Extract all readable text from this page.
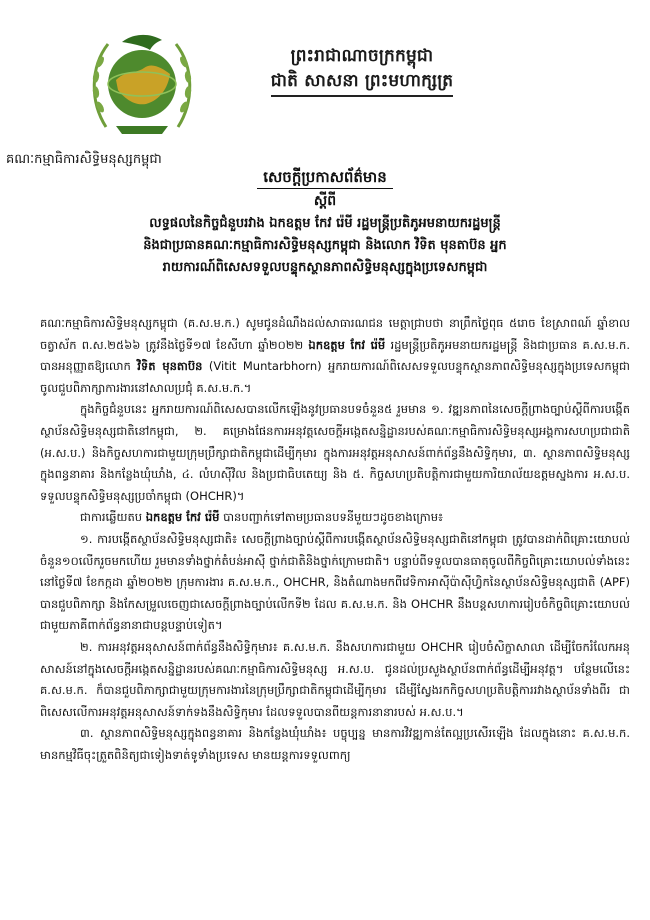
ព្រះរាជាណាចក្រកម្ពុជា
ជាតិ សាសនា ព្រះមហាក្សត្រ
គណៈកម្មាធិការសិទ្ធិមនុស្សកម្ពុជា
សេចក្តីប្រកាសព័ត៌មាន
ស្តីពី
លទ្ធផលនៃកិច្ចជំនួបរវាង ឯកឧត្តម កែវ រ៉េមី រដ្ឋមន្ត្រីប្រតិភូអមនាយករដ្ឋមន្ត្រី
និងជាប្រធានគណៈកម្មាធិការសិទ្ធិមនុស្សកម្ពុជា និងលោក វិទិត មុនតាប៊ន អ្នក
រាយការណ៍ពិសេសទទួលបន្ទុកស្ថានភាពសិទ្ធិមនុស្សក្នុងប្រទេសកម្ពុជា

គណៈកម្មាធិការសិទ្ធិមនុស្សកម្ពុជា (គ.ស.ម.ក.) សូមជូនដំណឹងដល់សាធារណជន មេត្តាជ្រាបថា នាព្រឹកថ្ងៃពុធ ៥រោច ខែស្រាពណ៍ ឆ្នាំខាល ចត្វាស័ក ព.ស.២៥៦៦ ត្រូវនឹងថ្ងៃទី១៧ ខែសីហា ឆ្នាំ២០២២ ឯកឧត្តម កែវ រ៉េមី រដ្ឋមន្ត្រីប្រតិភូអមនាយករដ្ឋមន្ត្រី និងជាប្រធាន គ.ស.ម.ក. បានអនុញ្ញាតឱ្យលោក វិទិត មុនតាប៊ន (Vitit Muntarbhorn) អ្នករាយការណ៍ពិសេសទទួលបន្ទុកស្ថានភាពសិទ្ធិមនុស្សក្នុងប្រទេសកម្ពុជា ចូលជួបពិភាក្សាការងារនៅសាលប្រជុំ គ.ស.ម.ក.។

ក្នុងកិច្ចជំនួបនេះ អ្នករាយការណ៍ពិសេសបានលើកឡើងនូវប្រធានបទចំនួន៥ រួមមាន ១. វឌ្ឍនភាពនៃសេចក្តីព្រាងច្បាប់ស្តីពីការបង្កើតស្ថាប័នសិទ្ធិមនុស្សជាតិនៅកម្ពុជា, ២. គម្រោងផែនការអនុវត្តសេចក្តីអង្កេតសន្និដ្ឋានរបស់គណៈកម្មាធិការសិទ្ធិមនុស្សអង្គការសហប្រជាជាតិ (អ.ស.ប.) និងកិច្ចសហការជាមួយក្រុមប្រឹក្សាជាតិកម្ពុជាដើម្បីកុមារ ក្នុងការអនុវត្តអនុសាសន៍ពាក់ព័ន្ធនឹងសិទ្ធិកុមារ, ៣. ស្ថានភាពសិទ្ធិមនុស្សក្នុងពន្ធនាគារ និងកន្លែងឃុំឃាំង, ៤. លំហស៊ីវិល និងប្រជាធិបតេយ្យ និង ៥. កិច្ចសហប្រតិបត្តិការជាមួយការិយាល័យឧត្តមស្នងការ អ.ស.ប. ទទួលបន្ទុកសិទ្ធិមនុស្សប្រចាំកម្ពុជា (OHCHR)។

ជាការឆ្លើយតប ឯកឧត្តម កែវ រ៉េមី បានបញ្ជាក់ទៅតាមប្រធានបទនីមួយៗដូចខាងក្រោម៖

១. ការបង្កើតស្ថាប័នសិទ្ធិមនុស្សជាតិ៖ សេចក្តីព្រាងច្បាប់ស្តីពីការបង្កើតស្ថាប័នសិទ្ធិមនុស្សជាតិនៅកម្ពុជា ត្រូវបានដាក់ពិគ្រោះយោបល់ចំនួន១០លើករួចមកហើយ រួមមានទាំងថ្នាក់តំបន់អាស៊ី ថ្នាក់ជាតិនិងថ្នាក់ក្រោមជាតិ។ បន្ទាប់ពីទទួលបានធាតុចូលពីកិច្ចពិគ្រោះយោបល់ទាំងនេះ នៅថ្ងៃទី៧ ខែកក្កដា ឆ្នាំ២០២២ ក្រុមការងារ គ.ស.ម.ក., OHCHR, និងតំណាងមកពីវេទិកាអាស៊ីប៉ាស៊ីហ្វិកនៃស្ថាប័នសិទ្ធិមនុស្សជាតិ (APF) បានជួបពិភាក្សា និងកែសម្រួលចេញជាសេចក្តីព្រាងច្បាប់លើកទី២ ដែល គ.ស.ម.ក. និង OHCHR នឹងបន្តសហការរៀបចំកិច្ចពិគ្រោះយោបល់ជាមួយភាគីពាក់ព័ន្ធនានាជាបន្តបន្ទាប់ទៀត។

២. ការអនុវត្តអនុសាសន៍ពាក់ព័ន្ធនឹងសិទ្ធិកុមារ៖ គ.ស.ម.ក. នឹងសហការជាមួយ OHCHR រៀបចំសិក្ខាសាលា ដើម្បីចែករំលែកអនុសាសន៍នៅក្នុងសេចក្តីអង្កេតសន្និដ្ឋានរបស់គណៈកម្មាធិការសិទ្ធិមនុស្ស អ.ស.ប. ជូនដល់ប្រសួងស្ថាប័នពាក់ព័ន្ធដើម្បីអនុវត្ត។ បន្ថែមលើនេះ គ.ស.ម.ក. ក៏បានជួបពិភាក្សាជាមួយក្រុមការងារនៃក្រុមប្រឹក្សាជាតិកម្ពុជាដើម្បីកុមារ ដើម្បីស្វែងរកកិច្ចសហប្រតិបត្តិការរវាងស្ថាប័នទាំងពីរ ជាពិសេសលើការអនុវត្តអនុសាសន៍ទាក់ទងនឹងសិទ្ធិកុមារ ដែលទទួលបានពីយន្តការនានារបស់ អ.ស.ប.។

៣. ស្ថានភាពសិទ្ធិមនុស្សក្នុងពន្ធនាគារ និងកន្លែងឃុំឃាំង៖ បច្ចុប្បន្ន មានការវិវឌ្ឍកាន់តែល្អប្រសើរឡើង ដែលក្នុងនោះ គ.ស.ម.ក. មានកម្មវិធីចុះត្រួតពិនិត្យជាទៀងទាត់ទូទាំងប្រទេស មានយន្តការទទួលពាក្យ
